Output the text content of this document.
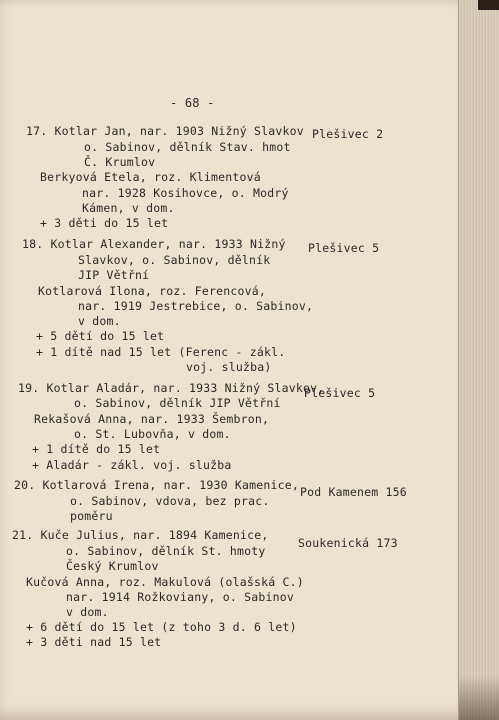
- 68 -
17. Kotlar Jan, nar. 1903 Nižný Slavkov
o. Sabinov, dělník Stav. hmot
Č. Krumlov
Berkyová Etela, roz. Klimentová
nar. 1928 Kosihovce, o. Modrý
Kámen, v dom.
+ 3 děti do 15 let
Plešivec 2
18. Kotlar Alexander, nar. 1933 Nižný
Slavkov, o. Sabinov, dělník
JIP Větřní
Kotlarová Ilona, roz. Ferencová,
nar. 1919 Jestrebice, o. Sabinov,
v dom.
+ 5 dětí do 15 let
+ 1 dítě nad 15 let (Ferenc - zákl.
voj. služba)
Plešivec 5
19. Kotlar Aladár, nar. 1933 Nižný Slavkov,
o. Sabinov, dělník JIP Větřní
Rekašová Anna, nar. 1933 Šembron,
o. St. Lubovňa, v dom.
+ 1 dítě do 15 let
+ Aladár - zákl. voj. služba
Plešivec 5
20. Kotlarová Irena, nar. 1930 Kamenice,
o. Sabinov, vdova, bez prac.
poměru
Pod Kamenem 156
21. Kuče Julius, nar. 1894 Kamenice,
o. Sabinov, dělník St. hmoty
Český Krumlov
Kučová Anna, roz. Makulová (olašská C.)
nar. 1914 Rožkoviany, o. Sabinov
v dom.
+ 6 dětí do 15 let (z toho 3 d. 6 let)
+ 3 děti nad 15 let
Soukenická 173
